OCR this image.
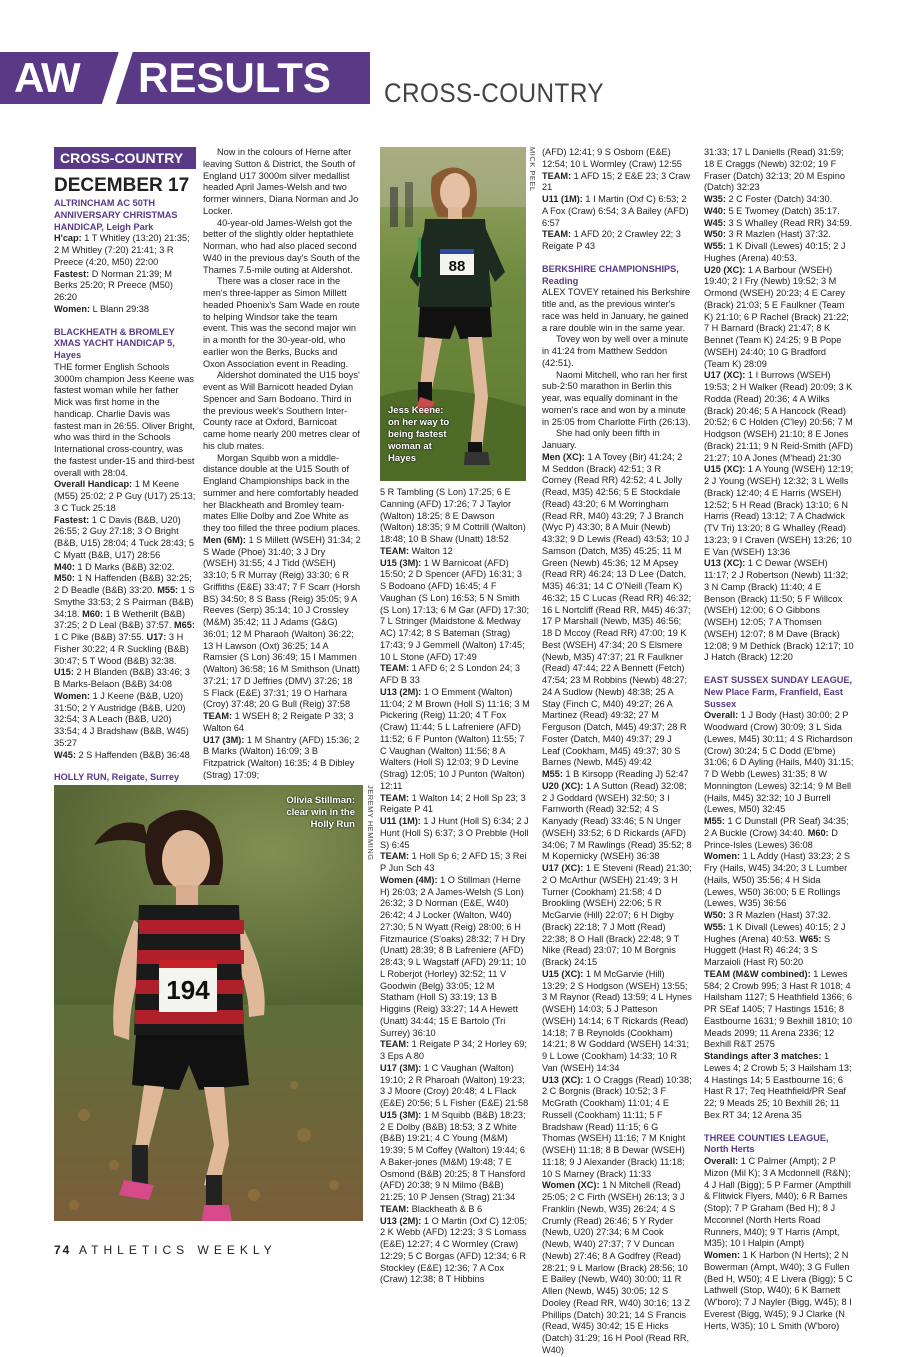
AW RESULTS CROSS-COUNTRY
CROSS-COUNTRY
DECEMBER 17
ALTRINCHAM AC 50TH ANNIVERSARY CHRISTMAS HANDICAP, Leigh Park

H'cap: 1 T Whitley (13:20) 21:35; 2 M Whitley (7:20) 21:41; 3 R Preece (4:20, M50) 22:00

Fastest: D Norman 21:39; M Berks 25:20; R Preece (M50) 26:20

Women: L Blann 29:38

BLACKHEATH & BROMLEY XMAS YACHT HANDICAP 5, Hayes

THE former English Schools 3000m champion Jess Keene was fastest woman while her father Mick was first home in the handicap. Charlie Davis was fastest man in 26:55. Oliver Bright, who was third in the Schools International cross-country, was the fastest under-15 and third-best overall with 28:04.

Overall Handicap: 1 M Keene (M55) 25:02; 2 P Guy (U17) 25:13; 3 C Tuck 25:18

Fastest: 1 C Davis (B&B, U20) 26:55; 2 Guy 27:18; 3 O Bright (B&B, U15) 28:04; 4 Tuck 28:43; 5 C Myatt (B&B, U17) 28:56

M40: 1 D Marks (B&B) 32:02. M50: 1 N Haffenden (B&B) 32:25; 2 D Beadle (B&B) 33:20. M55: 1 S Smythe 33:53; 2 S Pairman (B&B) 34:18. M60: 1 B Wetherilt (B&B) 37:25; 2 D Leal (B&B) 37:57. M65: 1 C Pike (B&B) 37:55. U17: 3 H Fisher 30:22; 4 R Suckling (B&B) 30:47; 5 T Wood (B&B) 32:38. U15: 2 H Blanden (B&B) 33:46; 3 B Marks-Belaon (B&B) 34:08

Women: 1 J Keene (B&B, U20) 31:50; 2 Y Austridge (B&B, U20) 32:54; 3 A Leach (B&B, U20) 33:54; 4 J Bradshaw (B&B, W45) 35:27

W45: 2 S Haffenden (B&B) 36:48

HOLLY RUN, Reigate, Surrey

Now in the colours of Herne after leaving Sutton & District, the South of England U17 3000m silver medallist headed April James-Welsh and two former winners, Diana Norman and Jo Locker.

40-year-old James-Welsh got the better of the slightly older heptathlete Norman, who had also placed second W40 in the previous day's South of the Thames 7.5-mile outing at Aldershot.

There was a closer race in the men's three-lapper as Simon Millett headed Phoenix's Sam Wade en route to helping Windsor take the team event. This was the second major win in a month for the 30-year-old, who earlier won the Berks, Bucks and Oxon Association event in Reading.

Aldershot dominated the U15 boys' event as Will Barnicott headed Dylan Spencer and Sam Bodoano. Third in the previous week's Southern Inter-County race at Oxford, Barnicoat came home nearly 200 metres clear of his club mates.

Morgan Squibb won a middle-distance double at the U15 South of England Championships back in the summer and here comfortably headed her Blackheath and Bromley team-mates Ellie Dolby and Zoe White as they too filled the three podium places.

Men (6M): 1 S Millett (WSEH) 31:34; 2 S Wade (Phoe) 31:40; 3 J Dry (WSEH) 31:55; 4 J Tidd (WSEH) 33:10; 5 R Murray (Reig) 33:30; 6 R Griffiths (E&E) 33:47; 7 F Scarr (Horsh BS) 34:50; 8 S Bass (Reig) 35:05; 9 A Reeves (Serp) 35:14; 10 J Crossley (M&M) 35:42; 11 J Adams (G&G) 36:01; 12 M Pharaoh (Walton) 36:22; 13 H Lawson (Oxt) 36:25; 14 A Ramsier (S Lon) 36:49; 15 I Mammen (Walton) 36:58; 16 M Smithson (Unatt) 37:21; 17 D Jeffries (DMV) 37:26; 18 S Flack (E&E) 37:31; 19 O Harhara (Croy) 37:48; 20 G Bull (Reig) 37:58

TEAM: 1 WSEH 8; 2 Reigate P 33; 3 Walton 64

U17 (3M): 1 M Shantry (AFD) 15:36; 2 B Marks (Walton) 16:09; 3 B Fitzpatrick (Walton) 16:35; 4 B Dibley (Strag) 17:09;

194
Olivia Stillman:
clear win in the
Holly Run JEREMY HEMMING
88
Jess Keene:
on her way to
being fastest
woman at
Hayes
MICK PEEL

5 R Tambling (S Lon) 17:25; 6 E Canning (AFD) 17:26; 7 J Taylor (Walton) 18:25; 8 E Dawson (Walton) 18:35; 9 M Cottrill (Walton) 18:48; 10 B Shaw (Unatt) 18:52

TEAM: Walton 12

U15 (3M): 1 W Barnicoat (AFD) 15:50; 2 D Spencer (AFD) 16:31; 3 S Bodoano (AFD) 16:45; 4 F Vaughan (S Lon) 16:53; 5 N Smith (S Lon) 17:13; 6 M Gar (AFD) 17:30; 7 L Stringer (Maidstone & Medway AC) 17:42; 8 S Bateman (Strag) 17:43; 9 J Gemmell (Walton) 17:45; 10 L Stone (AFD) 17:49

TEAM: 1 AFD 6; 2 S London 24; 3 AFD B 33

U13 (2M): 1 O Emment (Walton) 11:04; 2 M Brown (Holl S) 11:16; 3 M Pickering (Reig) 11:20; 4 T Fox (Craw) 11:44; 5 L Lafreniere (AFD) 11:52; 6 F Punton (Walton) 11:55; 7 C Vaughan (Walton) 11:56; 8 A Walters (Holl S) 12:03; 9 D Levine (Strag) 12:05; 10 J Punton (Walton) 12:11

TEAM: 1 Walton 14; 2 Holl Sp 23; 3 Reigate P 41

U11 (1M): 1 J Hunt (Holl S) 6:34; 2 J Hunt (Holl S) 6:37; 3 O Prebble (Holl S) 6:45

TEAM: 1 Holl Sp 6; 2 AFD 15; 3 Rei P Jun Sch 43

Women (4M): 1 O Stillman (Herne H) 26:03; 2 A James-Welsh (S Lon) 26:32; 3 D Norman (E&E, W40) 26:42; 4 J Locker (Walton, W40) 27:30; 5 N Wyatt (Reig) 28:00; 6 H Fitzmaurice (S'oaks) 28:32; 7 H Dry (Unatt) 28:39; 8 B Lafreniere (AFD) 28:43; 9 L Wagstaff (AFD) 29:11; 10 L Roberjot (Horley) 32:52; 11 V Goodwin (Belg) 33:05; 12 M Statham (Holl S) 33:19; 13 B Higgins (Reig) 33:27; 14 A Hewett (Unatt) 34:44; 15 E Bartolo (Tri Surrey) 36:10

TEAM: 1 Reigate P 34; 2 Horley 69; 3 Eps A 80

U17 (3M): 1 C Vaughan (Walton) 19:10; 2 R Pharoah (Walton) 19:23; 3 J Moore (Croy) 20:48; 4 L Flack (E&E) 20:56; 5 L Fisher (E&E) 21:58

U15 (3M): 1 M Squibb (B&B) 18:23; 2 E Dolby (B&B) 18:53; 3 Z White (B&B) 19:21; 4 C Young (M&M) 19:39; 5 M Coffey (Walton) 19:44; 6 A Baker-jones (M&M) 19:48; 7 E Osmond (B&B) 20:25; 8 T Hansford (AFD) 20:38; 9 N Milmo (B&B) 21:25; 10 P Jensen (Strag) 21:34

TEAM: Blackheath & B 6

U13 (2M): 1 O Martin (Oxf C) 12:05; 2 K Webb (AFD) 12:23; 3 S Lomass (E&E) 12:27; 4 C Wormley (Craw) 12:29; 5 C Borgas (AFD) 12:34; 6 R Stockley (E&E) 12:36; 7 A Cox (Craw) 12:38; 8 T Hibbins

(AFD) 12:41; 9 S Osborn (E&E) 12:54; 10 L Wormley (Craw) 12:55

TEAM: 1 AFD 15; 2 E&E 23; 3 Craw 21

U11 (1M): 1 I Martin (Oxf C) 6:53; 2 A Fox (Craw) 6:54; 3 A Bailey (AFD) 6:57

TEAM: 1 AFD 20; 2 Crawley 22; 3 Reigate P 43

BERKSHIRE CHAMPIONSHIPS, Reading

ALEX TOVEY retained his Berkshire title and, as the previous winter's race was held in January, he gained a rare double win in the same year.

Tovey won by well over a minute in 41:24 from Matthew Seddon (42:51).

Naomi Mitchell, who ran her first sub-2:50 marathon in Berlin this year, was equally dominant in the women's race and won by a minute in 25:05 from Charlotte Firth (26:13).

She had only been fifth in January.

Men (XC): 1 A Tovey (Bir) 41:24; 2 M Seddon (Brack) 42:51; 3 R Corney (Read RR) 42:52; 4 L Jolly (Read, M35) 42:56; 5 E Stockdale (Read) 43:20; 6 M Worringham (Read RR, M40) 43:29; 7 J Branch (Wyc P) 43:30; 8 A Muir (Newb) 43:32; 9 D Lewis (Read) 43:53; 10 J Samson (Datch, M35) 45:25; 11 M Green (Newb) 45:36; 12 M Apsey (Read RR) 46:24; 13 D Lee (Datch, M35) 46:31; 14 C O'Neill (Team K) 46:32; 15 C Lucas (Read RR) 46:32; 16 L Nortcliff (Read RR, M45) 46:37; 17 P Marshall (Newb, M35) 46:56; 18 D Mccoy (Read RR) 47:00; 19 K Best (WSEH) 47:34; 20 S Elsmere (Newb, M35) 47:37; 21 R Faulkner (Read) 47:44; 22 A Bennett (Fetch) 47:54; 23 M Robbins (Newb) 48:27; 24 A Sudlow (Newb) 48:38; 25 A Stay (Finch C, M40) 49:27; 26 A Martinez (Read) 49:32; 27 M Ferguson (Datch, M45) 49:37; 28 R Foster (Datch, M40) 49:37; 29 J Leaf (Cookham, M45) 49:37; 30 S Barnes (Newb, M45) 49:42

M55: 1 B Kirsopp (Reading J) 52:47

U20 (XC): 1 A Sutton (Read) 32:08; 2 J Goddard (WSEH) 32:50; 3 I Farnworth (Read) 32:52; 4 S Kanyady (Read) 33:46; 5 N Unger (WSEH) 33:52; 6 D Rickards (AFD) 34:06; 7 M Rawlings (Read) 35:52; 8 M Kopernicky (WSEH) 36:38

U17 (XC): 1 E Steveni (Read) 21:30; 2 O McArthur (WSEH) 21:49; 3 H Turner (Cookham) 21:58; 4 D Brookling (WSEH) 22:06; 5 R McGarvie (Hill) 22:07; 6 H Digby (Brack) 22:18; 7 J Mott (Read) 22:38; 8 O Hall (Brack) 22:48; 9 T Nike (Read) 23:07; 10 M Borgnis (Brack) 24:15

U15 (XC): 1 M McGarvie (Hill) 13:29; 2 S Hodgson (WSEH) 13:55; 3 M Raynor (Read) 13:59; 4 L Hynes (WSEH) 14:03; 5 J Patteson (WSEH) 14:14; 6 T Rickards (Read) 14:18; 7 B Reynolds (Cookham) 14:21; 8 W Goddard (WSEH) 14:31; 9 L Lowe (Cookham) 14:33; 10 R Van (WSEH) 14:34

U13 (XC): 1 O Craggs (Read) 10:38; 2 C Borgnis (Brack) 10:52; 3 F McGrath (Cookham) 11:01; 4 E Russell (Cookham) 11:11; 5 F Bradshaw (Read) 11:15; 6 G Thomas (WSEH) 11:16; 7 M Knight (WSEH) 11:18; 8 B Dewar (WSEH) 11:18; 9 J Alexander (Brack) 11:18; 10 S Marney (Brack) 11:33

Women (XC): 1 N Mitchell (Read) 25:05; 2 C Firth (WSEH) 26:13; 3 J Franklin (Newb, W35) 26:24; 4 S Crumly (Read) 26:46; 5 Y Ryder (Newb, U20) 27:34; 6 M Cook (Newb, W40) 27:37; 7 V Duncan (Newb) 27:46; 8 A Godfrey (Read) 28:21; 9 L Marlow (Brack) 28:56; 10 E Bailey (Newb, W40) 30:00; 11 R Allen (Newb, W45) 30:05; 12 S Dooley (Read RR, W40) 30:16; 13 Z Phillips (Datch) 30:21; 14 S Francis (Read, W45) 30:42; 15 E Hicks (Datch) 31:29; 16 H Pool (Read RR, W40)

31:33; 17 L Daniells (Read) 31:59; 18 E Craggs (Newb) 32:02; 19 F Fraser (Datch) 32:13; 20 M Espino (Datch) 32:23

W35: 2 C Foster (Datch) 34:30. W40: 5 E Twomey (Datch) 35:17. W45: 3 S Whalley (Read RR) 34:59. W50: 3 R Mazlen (Hast) 37:32. W55: 1 K Divall (Lewes) 40:15; 2 J Hughes (Arena) 40:53.

U20 (XC): 1 A Barbour (WSEH) 19:40; 2 I Fry (Newb) 19:52; 3 M Ormond (WSEH) 20:23; 4 E Carey (Brack) 21:03; 5 E Faulkner (Team K) 21:10; 6 P Rachel (Brack) 21:22; 7 H Barnard (Brack) 21:47; 8 K Bennet (Team K) 24:25; 9 B Pope (WSEH) 24:40; 10 G Bradford (Team K) 28:09

U17 (XC): 1 I Burrows (WSEH) 19:53; 2 H Walker (Read) 20:09; 3 K Rodda (Read) 20:36; 4 A Wilks (Brack) 20:46; 5 A Hancock (Read) 20:52; 6 C Holden (C'ley) 20:56; 7 M Hodgson (WSEH) 21:10; 8 E Jones (Brack) 21:11; 9 N Reid-Smith (AFD) 21:27; 10 A Jones (M'head) 21:30

U15 (XC): 1 A Young (WSEH) 12:19; 2 J Young (WSEH) 12:32; 3 L Wells (Brack) 12:40; 4 E Harris (WSEH) 12:52; 5 H Read (Brack) 13:10; 6 N Harris (Read) 13:12; 7 A Chadwick (TV Tri) 13:20; 8 G Whalley (Read) 13:23; 9 I Craven (WSEH) 13:26; 10 E Van (WSEH) 13:36

U13 (XC): 1 C Dewar (WSEH) 11:17; 2 J Robertson (Newb) 11:32; 3 N Camp (Brack) 11:40; 4 E Benson (Brack) 11:50; 5 F Willcox (WSEH) 12:00; 6 O Gibbons (WSEH) 12:05; 7 A Thomsen (WSEH) 12:07; 8 M Dave (Brack) 12:08; 9 M Dethick (Brack) 12:17; 10 J Hatch (Brack) 12:20

EAST SUSSEX SUNDAY LEAGUE, New Place Farm, Franfield, East Sussex

Overall: 1 J Body (Hast) 30:00; 2 P Woodward (Crow) 30:09; 3 L Sida (Lewes, M45) 30:11; 4 S Richardson (Crow) 30:24; 5 C Dodd (E'bme) 31:06; 6 D Ayling (Hails, M40) 31:15; 7 D Webb (Lewes) 31:35; 8 W Monnington (Lewes) 32:14; 9 M Bell (Hails, M45) 32:32; 10 J Burrell (Lewes, M50) 32:45

M55: 1 C Dunstall (PR Seaf) 34:35; 2 A Buckle (Crow) 34:40. M60: D Prince-Isles (Lewes) 36:08

Women: 1 L Addy (Hast) 33:23; 2 S Fry (Hails, W45) 34:20; 3 L Lumber (Hails, W50) 35:56; 4 H Sida (Lewes, W50) 36:00; 5 E Rollings (Lewes, W35) 36:56

W50: 3 R Mazlen (Hast) 37:32. W55: 1 K Divall (Lewes) 40:15; 2 J Hughes (Arena) 40:53. W65: S Huggett (Hast R) 46:24; 3 S Marzaioli (Hast R) 50:20

TEAM (M&W combined): 1 Lewes 584; 2 Crowb 995; 3 Hast R 1018; 4 Hailsham 1127; 5 Heathfield 1366; 6 PR SEaf 1405; 7 Hastings 1516; 8 Eastbourne 1631; 9 Bexhill 1810; 10 Meads 2099; 11 Arena 2336; 12 Bexhill R&T 2575

Standings after 3 matches: 1 Lewes 4; 2 Crowb 5; 3 Hailsham 13; 4 Hastings 14; 5 Eastbourne 16; 6 Hast R 17; 7eq Heathfield/PR Seaf 22; 9 Meads 25; 10 Bexhill 26; 11 Bex RT 34; 12 Arena 35

THREE COUNTIES LEAGUE, North Herts

Overall: 1 C Palmer (Ampt); 2 P Mizon (Mil K); 3 A Mcdonnell (R&N); 4 J Hall (Bigg); 5 P Farmer (Ampthill & Flitwick Flyers, M40); 6 R Barnes (Stop); 7 P Graham (Bed H); 8 J Mcconnel (North Herts Road Runners, M40); 9 T Harris (Ampt, M35); 10 I Halpin (Ampt)

Women: 1 K Harbon (N Herts); 2 N Bowerman (Ampt, W40); 3 G Fullen (Bed H, W50); 4 E Livera (Bigg); 5 C Lathwell (Stop, W40); 6 K Barnett (W'boro); 7 J Nayler (Bigg, W45); 8 I Everest (Bigg, W45); 9 J Clarke (N Herts, W35); 10 L Smith (W'boro)

74 ATHLETICS WEEKLY
